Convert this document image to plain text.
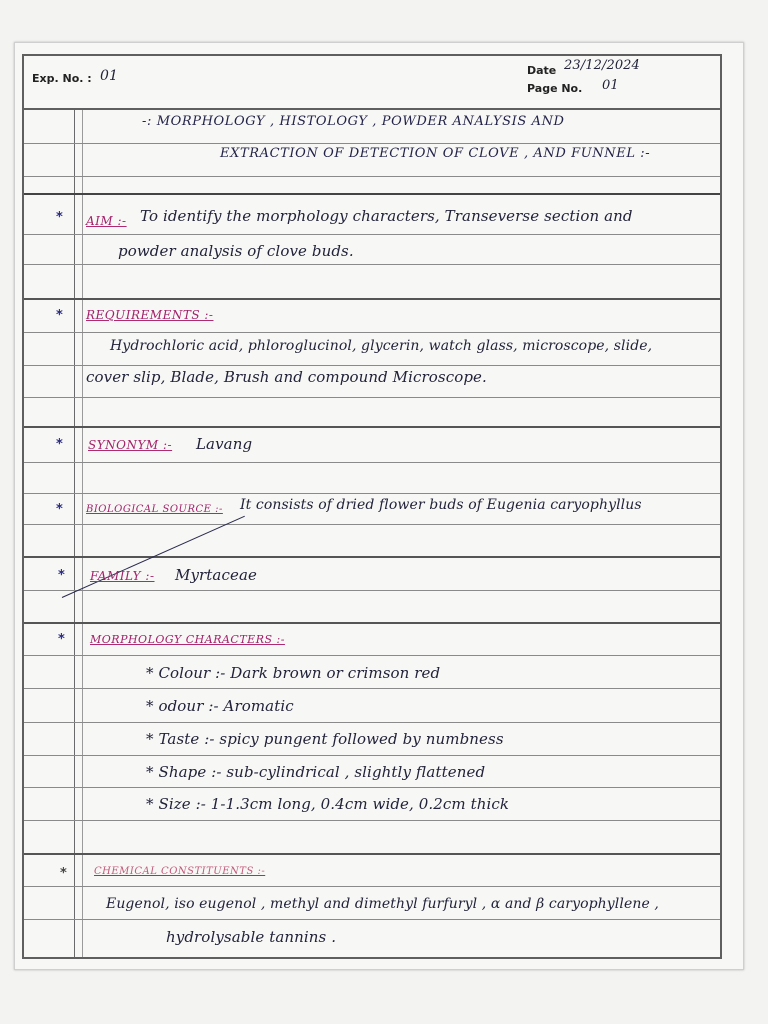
Exp. No. : 01	Date 23/12/2024
Page No. 01
-: MORPHOLOGY , HISTOLOGY , POWDER ANALYSIS AND
EXTRACTION OF DETECTION OF CLOVE , AND FUNNEL :-
* AIM :- To identify the morphology characters, Transeverse section and
powder analysis of clove buds.
* REQUIREMENTS :-
Hydrochloric acid, phloroglucinol, glycerin, watch glass, microscope, slide,
cover slip, Blade, Brush and compound Microscope.
* SYNONYM :- Lavang
* BIOLOGICAL SOURCE :- It consists of dried flower buds of Eugenia caryophyllus
* FAMILY :- Myrtaceae
* MORPHOLOGY CHARACTERS :-
* Colour :- Dark brown or crimson red
* odour :- Aromatic
* Taste :- spicy pungent followed by numbness
* Shape :- sub-cylindrical , slightly flattened
* Size :- 1-1.3cm long, 0.4cm wide, 0.2cm thick
*	CHEMICAL CONSTITUENTS :-
Eugenol, iso eugenol , methyl and dimethyl furfuryl , α and β caryophyllene ,
hydrolysable tannins .
